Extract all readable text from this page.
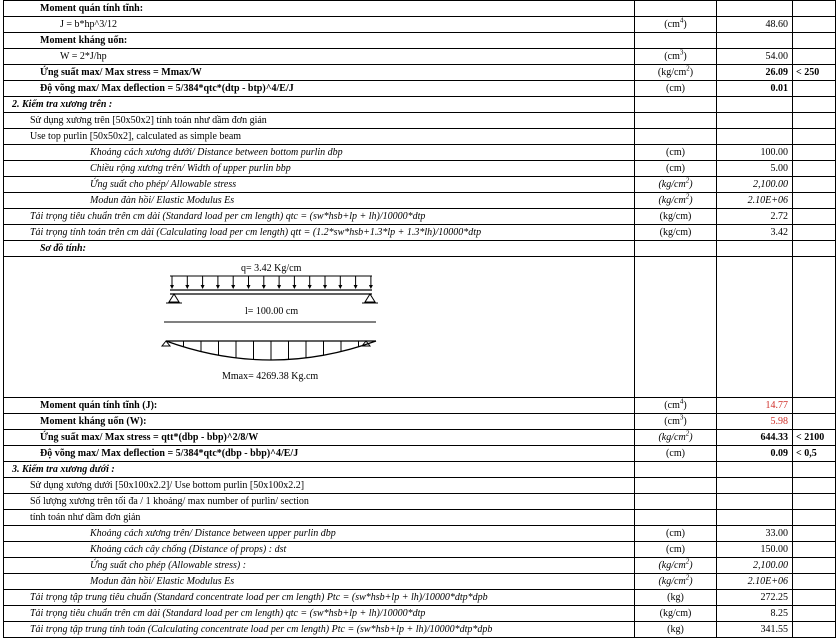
Moment quán tính tĩnh:			
J = b*hp^3/12	$(cm^4)$	48.60	
Moment kháng uốn:			
W = 2*J/hp	$(cm^3)$	54.00	
Ứng suất max/ Max stress = Mmax/W	$(kg/cm^2)$	26.09	< 250
Độ võng max/ Max deflection = 5/384*qtc*(dtp - btp)^4/E/J	(cm)	0.01	
2. Kiểm tra xương trên :			
Sử dụng xương trên [50x50x2] tính toán như dầm đơn giản			
Use top purlin [50x50x2], calculated as simple beam			
Khoảng cách xương dưới/ Distance between bottom purlin dbp	(cm)	100.00	
Chiều rộng xương trên/ Width of upper purlin bbp	(cm)	5.00	
Ứng suất cho phép/ Allowable stress	$(kg/cm^2)$	2,100.00	
Modun đàn hồi/ Elastic Modulus Es	$(kg/cm^2)$	2.10E+06	
Tải trọng tiêu chuẩn trên cm dài (Standard load per cm length) qtc = (sw*hsb+lp + lh)/10000*dtp	(kg/cm)	2.72	
Tải trọng tính toán trên cm dài (Calculating load per cm length) qtt = (1.2*sw*hsb+1.3*lp + 1.3*lh)/10000*dtp	(kg/cm)	3.42	
Sơ đồ tính:			

q= 3.42 Kg/cm
l= 100.00 cm			

Mmax= 4269.38 Kg.cm			

Moment quán tính tĩnh (J):	$(cm^4)$	14.77	
Moment kháng uốn (W):	$(cm^3)$	5.98	
Ứng suất max/ Max stress = qtt*(dbp - bbp)^2/8/W	$(kg/cm^2)$	644.33	< 2100
Độ võng max/ Max deflection = 5/384*qtc*(dbp - bbp)^4/E/J	(cm)	0.09	< 0,5
3. Kiểm tra xương dưới :			
Sử dụng xương dưới [50x100x2.2]/ Use bottom purlin [50x100x2.2]			
Số lượng xương trên tối đa / 1 khoảng/ max number of purlin/ section			
tính toán như dầm đơn giản			
Khoảng cách xương trên/ Distance between upper purlin dbp	(cm)	33.00	
Khoảng cách cây chống (Distance of props) : dst	(cm)	150.00	
Ứng suất cho phép (Allowable stress) :	$(kg/cm^2)$	2,100.00	
Modun đàn hồi/ Elastic Modulus Es	$(kg/cm^2)$	2.10E+06	
Tải trọng tập trung tiêu chuẩn (Standard concentrate load per cm length) Ptc = (sw*hsb+lp + lh)/10000*dtp*dpb	(kg)	272.25	
Tải trọng tiêu chuẩn trên cm dài (Standard load per cm length) qtc = (sw*hsb+lp + lh)/10000*dtp	(kg/cm)	8.25	
Tải trọng tập trung tính toán (Calculating concentrate load per cm length) Ptc = (sw*hsb+lp + lh)/10000*dtp*dpb	(kg)	341.55	
